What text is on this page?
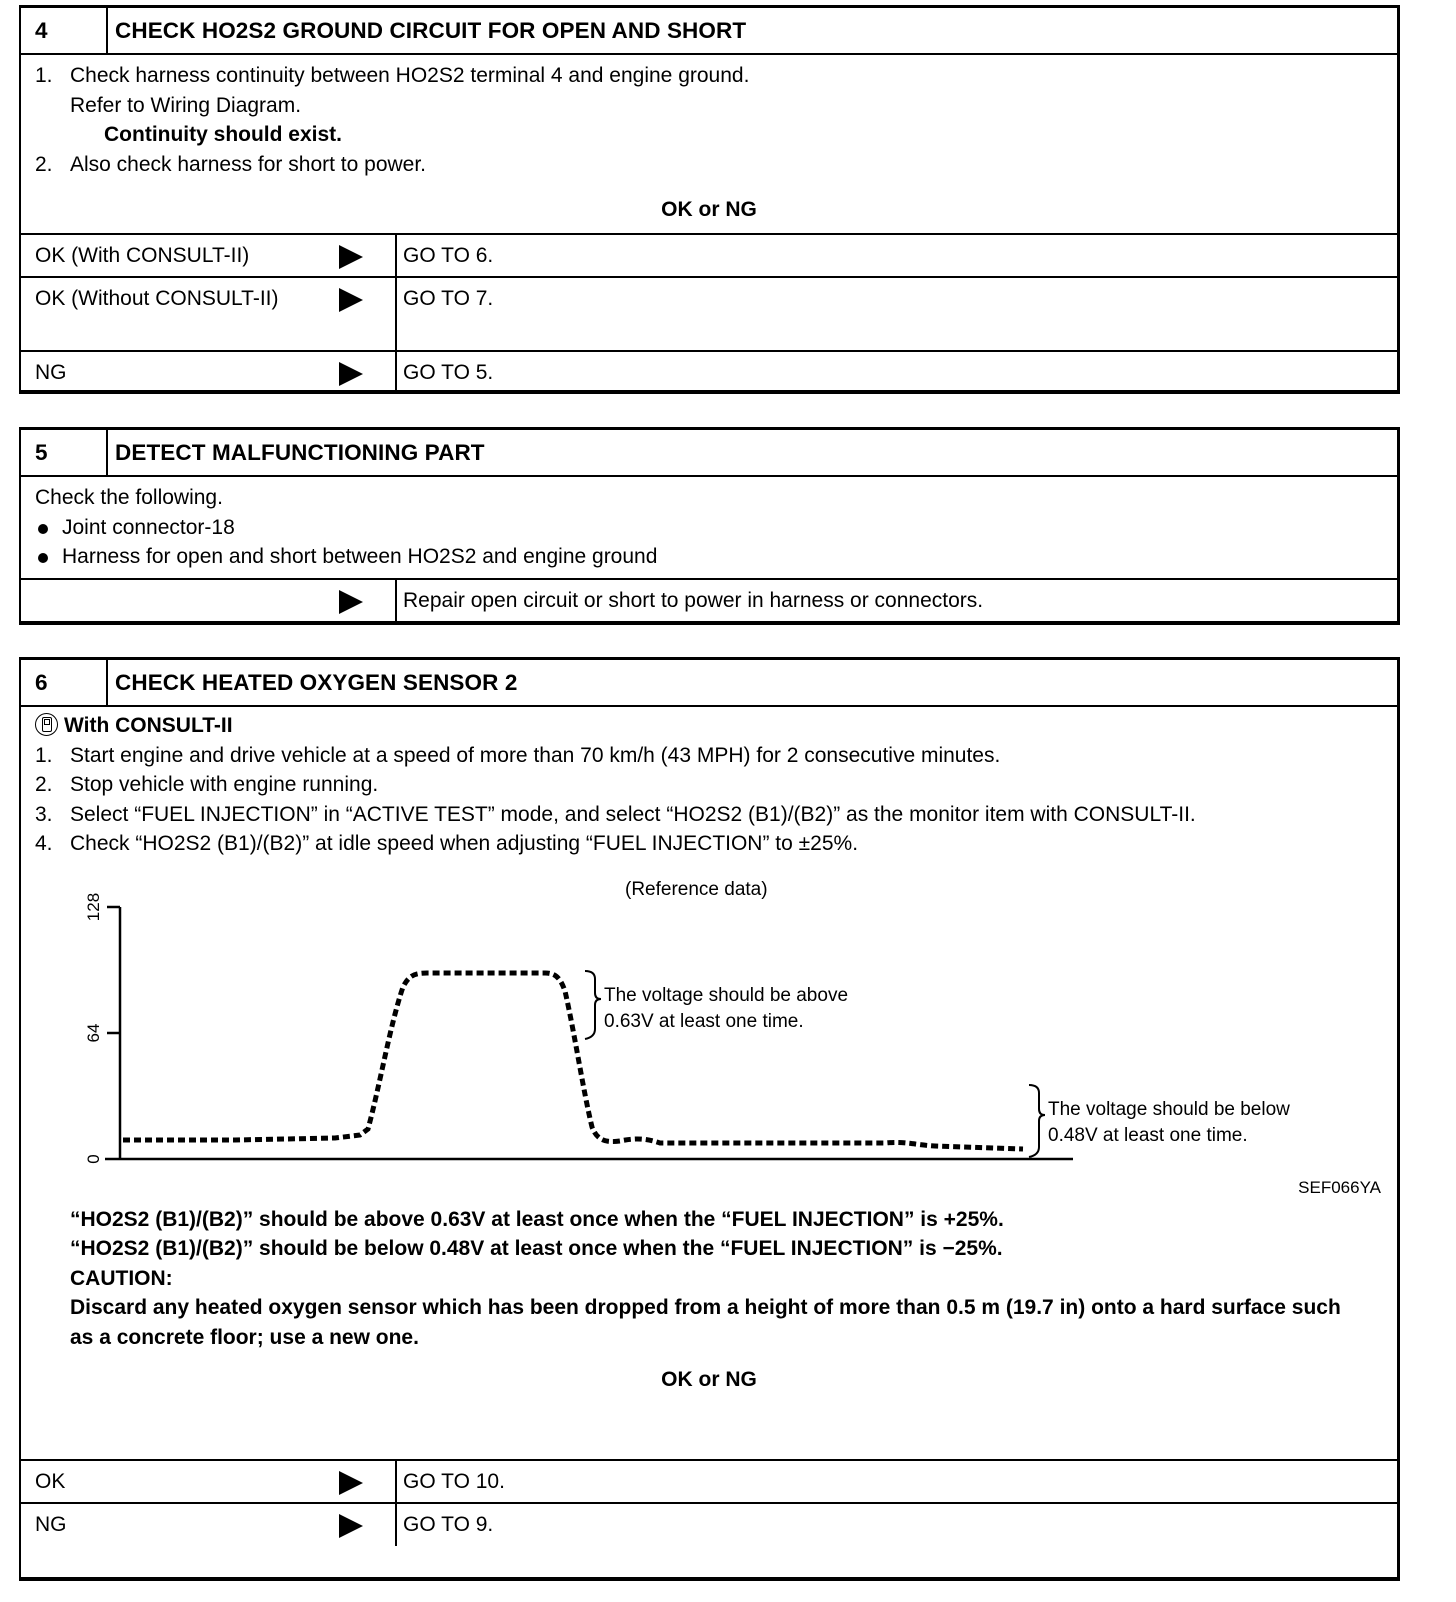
4	CHECK HO2S2 GROUND CIRCUIT FOR OPEN AND SHORT
1. Check harness continuity between HO2S2 terminal 4 and engine ground.
Refer to Wiring Diagram.
Continuity should exist.
2. Also check harness for short to power.
OK or NG
OK (With CONSULT-II)	GO TO 6.
OK (Without CONSULT-II)	GO TO 7.
NG	GO TO 5.
5	DETECT MALFUNCTIONING PART
Check the following.
Joint connector-18
Harness for open and short between HO2S2 and engine ground
Repair open circuit or short to power in harness or connectors.
6	CHECK HEATED OXYGEN SENSOR 2
With CONSULT-II
1. Start engine and drive vehicle at a speed of more than 70 km/h (43 MPH) for 2 consecutive minutes.
2. Stop vehicle with engine running.
3. Select “FUEL INJECTION” in “ACTIVE TEST” mode, and select “HO2S2 (B1)/(B2)” as the monitor item with CONSULT-II.
4. Check “HO2S2 (B1)/(B2)” at idle speed when adjusting “FUEL INJECTION” to ±25%.
(Reference data)
128
64
0
The voltage should be above
0.63V at least one time.
The voltage should be below
0.48V at least one time.
SEF066YA
“HO2S2 (B1)/(B2)” should be above 0.63V at least once when the “FUEL INJECTION” is +25%.
“HO2S2 (B1)/(B2)” should be below 0.48V at least once when the “FUEL INJECTION” is −25%.
CAUTION:
Discard any heated oxygen sensor which has been dropped from a height of more than 0.5 m (19.7 in) onto a hard surface such as a concrete floor; use a new one.
OK or NG
OK	GO TO 10.
NG	GO TO 9.
